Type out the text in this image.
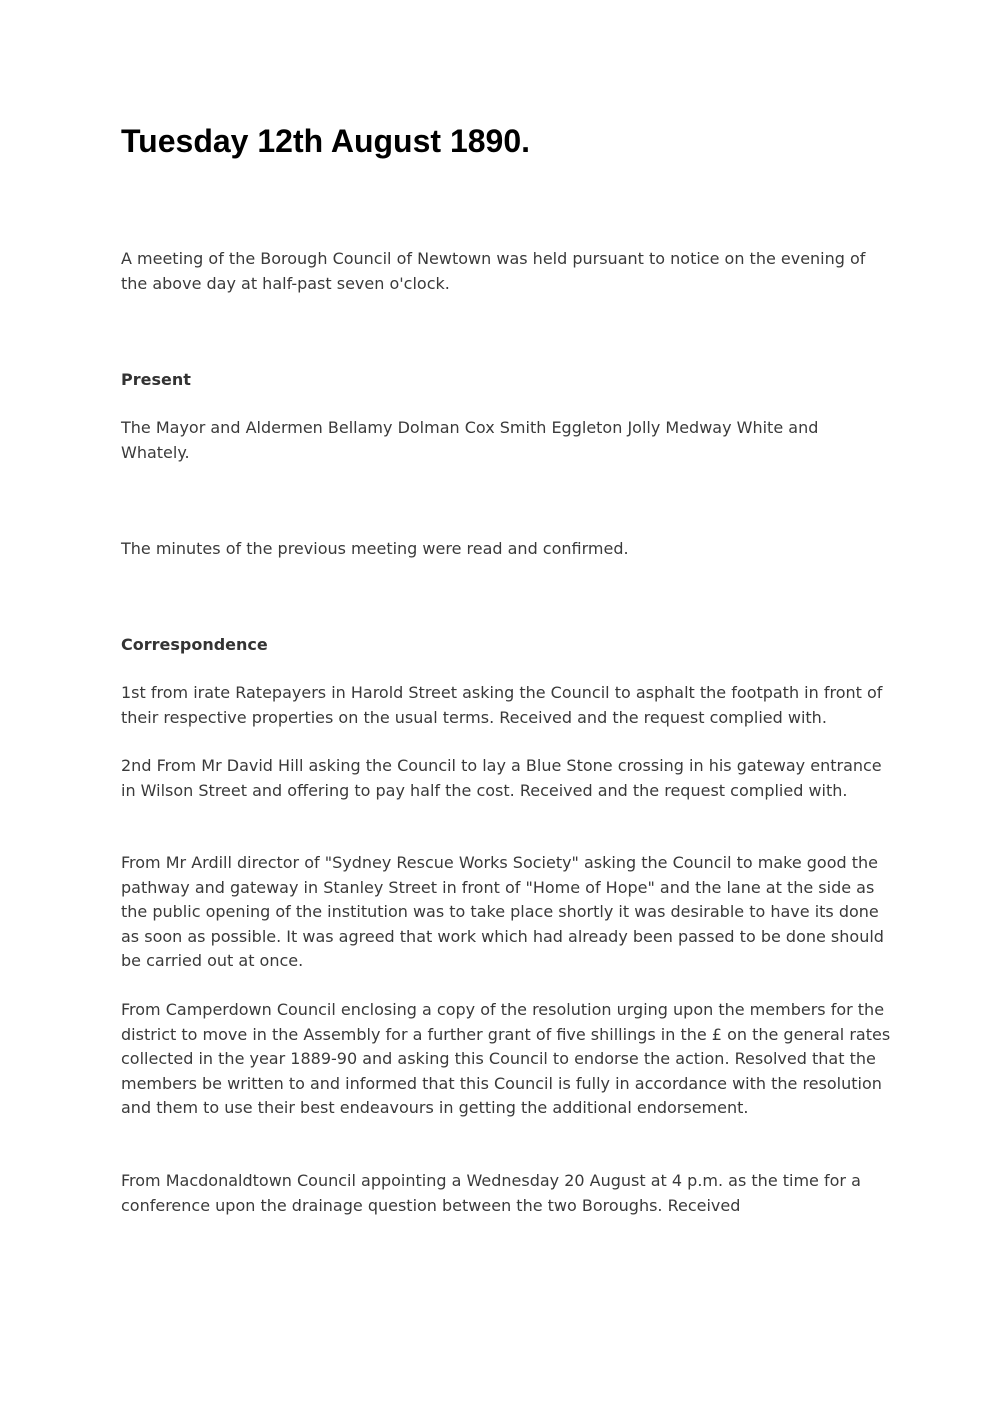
Tuesday 12th August 1890.

A meeting of the Borough Council of Newtown was held pursuant to notice on the evening of the above day at half-past seven o'clock.

Present

The Mayor and Aldermen Bellamy Dolman Cox Smith Eggleton Jolly Medway White and Whately.

The minutes of the previous meeting were read and confirmed.

Correspondence

1st from irate Ratepayers in Harold Street asking the Council to asphalt the footpath in front of their respective properties on the usual terms. Received and the request complied with.

2nd From Mr David Hill asking the Council to lay a Blue Stone crossing in his gateway entrance in Wilson Street and offering to pay half the cost. Received and the request complied with.

From Mr Ardill director of "Sydney Rescue Works Society" asking the Council to make good the pathway and gateway in Stanley Street in front of "Home of Hope" and the lane at the side as the public opening of the institution was to take place shortly it was desirable to have its done as soon as possible. It was agreed that work which had already been passed to be done should be carried out at once.

From Camperdown Council enclosing a copy of the resolution urging upon the members for the district to move in the Assembly for a further grant of five shillings in the £ on the general rates collected in the year 1889-90 and asking this Council to endorse the action. Resolved that the members be written to and informed that this Council is fully in accordance with the resolution and them to use their best endeavours in getting the additional endorsement.

From Macdonaldtown Council appointing a Wednesday 20 August at 4 p.m. as the time for a conference upon the drainage question between the two Boroughs. Received
